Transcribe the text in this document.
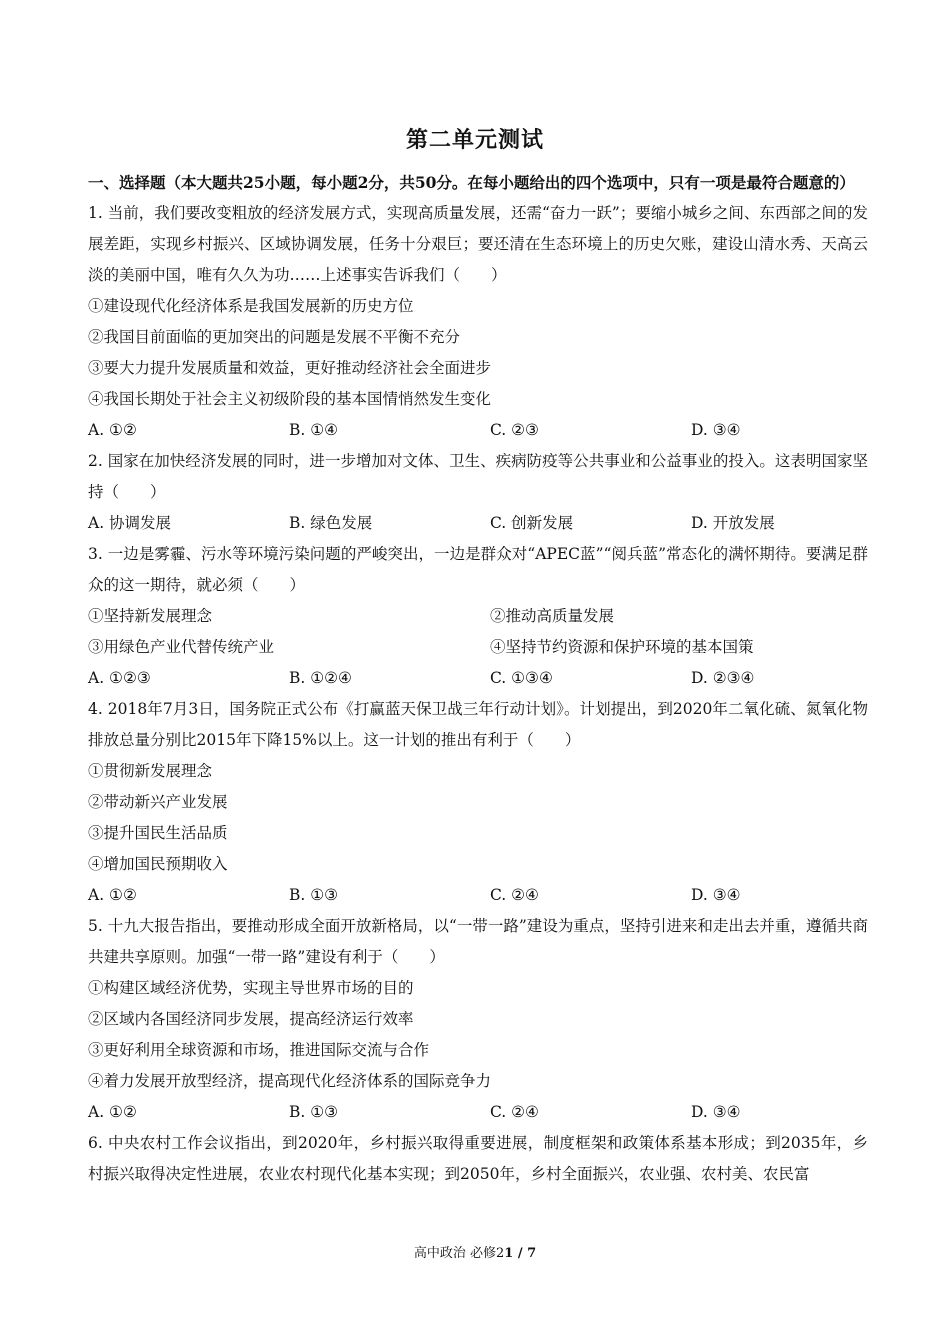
第二单元测试
一、选择题（本大题共25小题，每小题2分，共50分。在每小题给出的四个选项中，只有一项是最符合题意的）
1. 当前，我们要改变粗放的经济发展方式，实现高质量发展，还需“奋力一跃”；要缩小城乡之间、东西部之间的发展差距，实现乡村振兴、区域协调发展，任务十分艰巨；要还清在生态环境上的历史欠账，建设山清水秀、天高云淡的美丽中国，唯有久久为功……上述事实告诉我们（　　）
①建设现代化经济体系是我国发展新的历史方位
②我国目前面临的更加突出的问题是发展不平衡不充分
③要大力提升发展质量和效益，更好推动经济社会全面进步
④我国长期处于社会主义初级阶段的基本国情悄然发生变化
A. ①②	B. ①④	C. ②③	D. ③④
2. 国家在加快经济发展的同时，进一步增加对文体、卫生、疾病防疫等公共事业和公益事业的投入。这表明国家坚持（　　）
A. 协调发展	B. 绿色发展	C. 创新发展	D. 开放发展
3. 一边是雾霾、污水等环境污染问题的严峻突出，一边是群众对“APEC蓝”“阅兵蓝”常态化的满怀期待。要满足群众的这一期待，就必须（　　）
①坚持新发展理念	②推动高质量发展
③用绿色产业代替传统产业	④坚持节约资源和保护环境的基本国策
A. ①②③	B. ①②④	C. ①③④	D. ②③④
4. 2018年7月3日，国务院正式公布《打赢蓝天保卫战三年行动计划》。计划提出，到2020年二氧化硫、氮氧化物排放总量分别比2015年下降15%以上。这一计划的推出有利于（　　）
①贯彻新发展理念
②带动新兴产业发展
③提升国民生活品质
④增加国民预期收入
A. ①②	B. ①③	C. ②④	D. ③④
5. 十九大报告指出，要推动形成全面开放新格局，以“一带一路”建设为重点，坚持引进来和走出去并重，遵循共商共建共享原则。加强“一带一路”建设有利于（　　）
①构建区域经济优势，实现主导世界市场的目的
②区域内各国经济同步发展，提高经济运行效率
③更好利用全球资源和市场，推进国际交流与合作
④着力发展开放型经济，提高现代化经济体系的国际竞争力
A. ①②	B. ①③	C. ②④	D. ③④
6. 中央农村工作会议指出，到2020年，乡村振兴取得重要进展，制度框架和政策体系基本形成；到2035年，乡村振兴取得决定性进展，农业农村现代化基本实现；到2050年，乡村全面振兴，农业强、农村美、农民富
高中政治 必修21 / 7
